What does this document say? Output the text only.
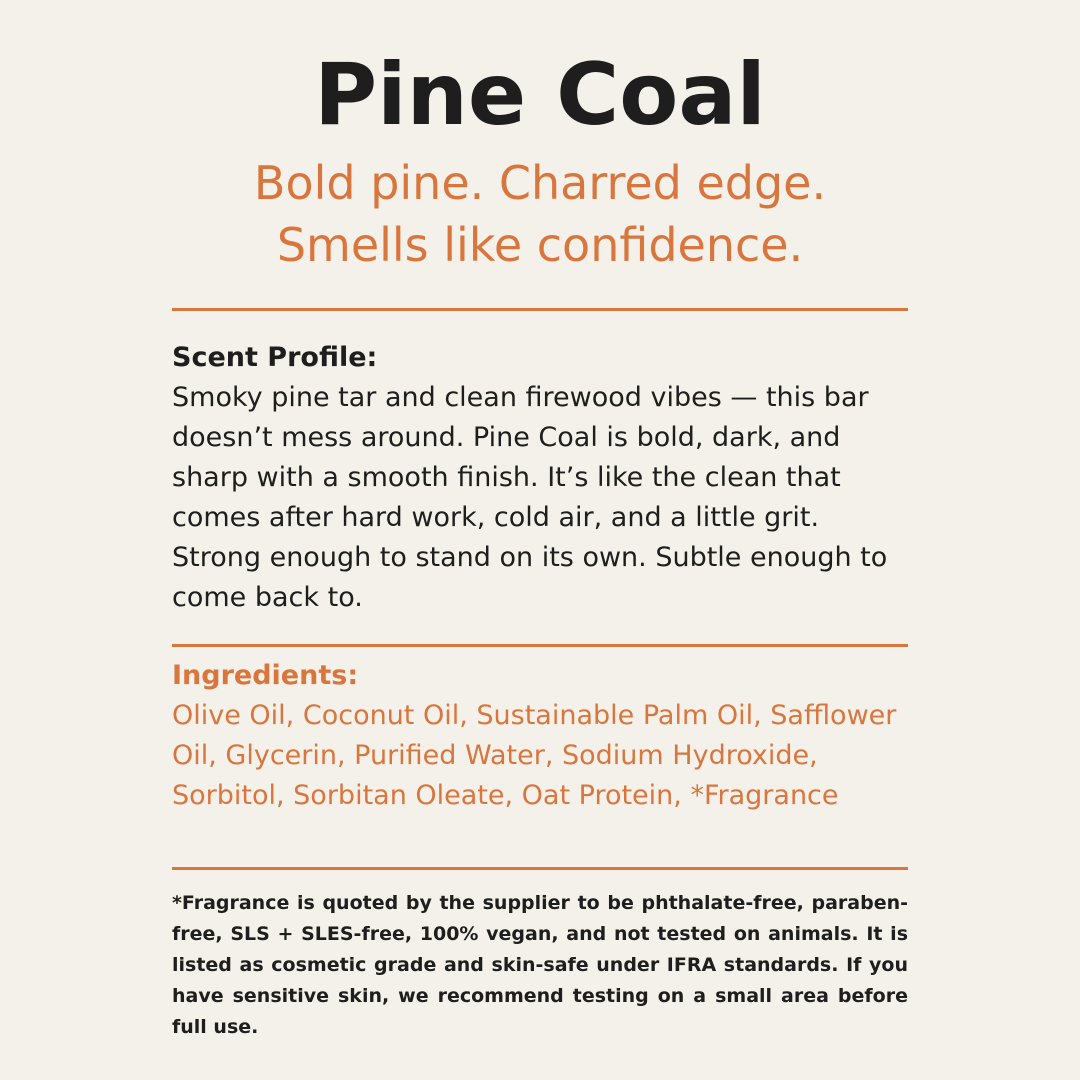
Pine Coal
Bold pine. Charred edge.
Smells like confidence.
Scent Profile:
Smoky pine tar and clean firewood vibes — this bar doesn’t mess around. Pine Coal is bold, dark, and sharp with a smooth finish. It’s like the clean that comes after hard work, cold air, and a little grit. Strong enough to stand on its own. Subtle enough to come back to.
Ingredients:
Olive Oil, Coconut Oil, Sustainable Palm Oil, Safflower Oil, Glycerin, Purified Water, Sodium Hydroxide, Sorbitol, Sorbitan Oleate, Oat Protein, *Fragrance
*Fragrance is quoted by the supplier to be phthalate-free, paraben-free, SLS + SLES-free, 100% vegan, and not tested on animals. It is listed as cosmetic grade and skin-safe under IFRA standards. If you have sensitive skin, we recommend testing on a small area before full use.
